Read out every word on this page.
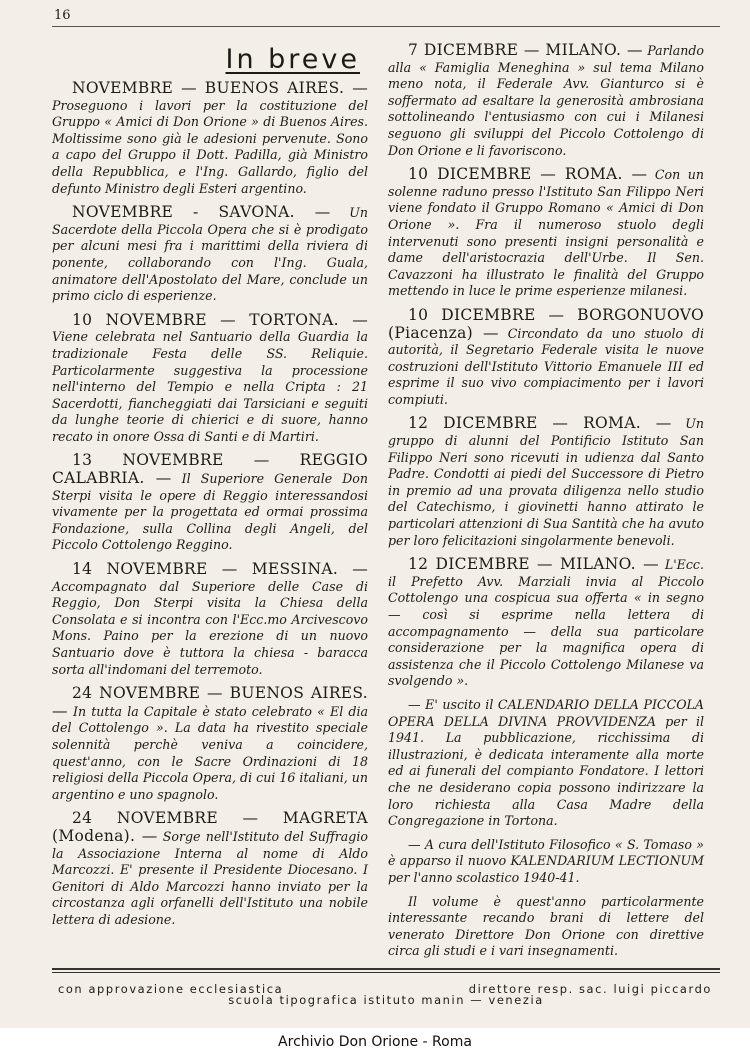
16
In breve

NOVEMBRE — BUENOS AIRES. — Proseguono i lavori per la costituzione del Gruppo « Amici di Don Orione » di Buenos Aires. Moltissime sono già le adesioni pervenute. Sono a capo del Gruppo il Dott. Padilla, già Ministro della Repubblica, e l'Ing. Gallardo, figlio del defunto Ministro degli Esteri argentino.

NOVEMBRE - SAVONA. — Un Sacerdote della Piccola Opera che si è prodigato per alcuni mesi fra i marittimi della riviera di ponente, collaborando con l'Ing. Guala, animatore dell'Apostolato del Mare, conclude un primo ciclo di esperienze.

10 NOVEMBRE — TORTONA. — Viene celebrata nel Santuario della Guardia la tradizionale Festa delle SS. Reliquie. Particolarmente suggestiva la processione nell'interno del Tempio e nella Cripta : 21 Sacerdotti, fiancheggiati dai Tarsiciani e seguiti da lunghe teorie di chierici e di suore, hanno recato in onore Ossa di Santi e di Martiri.

13 NOVEMBRE — REGGIO CALABRIA. — Il Superiore Generale Don Sterpi visita le opere di Reggio interessandosi vivamente per la progettata ed ormai prossima Fondazione, sulla Collina degli Angeli, del Piccolo Cottolengo Reggino.

14 NOVEMBRE — MESSINA. — Accompagnato dal Superiore delle Case di Reggio, Don Sterpi visita la Chiesa della Consolata e si incontra con l'Ecc.mo Arcivescovo Mons. Paino per la erezione di un nuovo Santuario dove è tuttora la chiesa - baracca sorta all'indomani del terremoto.

24 NOVEMBRE — BUENOS AIRES. — In tutta la Capitale è stato celebrato « El dia del Cottolengo ». La data ha rivestito speciale solennità perchè veniva a coincidere, quest'anno, con le Sacre Ordinazioni di 18 religiosi della Piccola Opera, di cui 16 italiani, un argentino e uno spagnolo.

24 NOVEMBRE — MAGRETA (Modena). — Sorge nell'Istituto del Suffragio la Associazione Interna al nome di Aldo Marcozzi. E' presente il Presidente Diocesano. I Genitori di Aldo Marcozzi hanno inviato per la circostanza agli orfanelli dell'Istituto una nobile lettera di adesione.

7 DICEMBRE — MILANO. — Parlando alla « Famiglia Meneghina » sul tema Milano meno nota, il Federale Avv. Gianturco si è soffermato ad esaltare la generosità ambrosiana sottolineando l'entusiasmo con cui i Milanesi seguono gli sviluppi del Piccolo Cottolengo di Don Orione e li favoriscono.

10 DICEMBRE — ROMA. — Con un solenne raduno presso l'Istituto San Filippo Neri viene fondato il Gruppo Romano « Amici di Don Orione ». Fra il numeroso stuolo degli intervenuti sono presenti insigni personalità e dame dell'aristocrazia dell'Urbe. Il Sen. Cavazzoni ha illustrato le finalità del Gruppo mettendo in luce le prime esperienze milanesi.

10 DICEMBRE — BORGONUOVO (Piacenza) — Circondato da uno stuolo di autorità, il Segretario Federale visita le nuove costruzioni dell'Istituto Vittorio Emanuele III ed esprime il suo vivo compiacimento per i lavori compiuti.

12 DICEMBRE — ROMA. — Un gruppo di alunni del Pontificio Istituto San Filippo Neri sono ricevuti in udienza dal Santo Padre. Condotti ai piedi del Successore di Pietro in premio ad una provata diligenza nello studio del Catechismo, i giovinetti hanno attirato le particolari attenzioni di Sua Santità che ha avuto per loro felicitazioni singolarmente benevoli.

12 DICEMBRE — MILANO. — L'Ecc. il Prefetto Avv. Marziali invia al Piccolo Cottolengo una cospicua sua offerta « in segno — così si esprime nella lettera di accompagnamento — della sua particolare considerazione per la magnifica opera di assistenza che il Piccolo Cottolengo Milanese va svolgendo ».

— E' uscito il CALENDARIO DELLA PICCOLA OPERA DELLA DIVINA PROVVIDENZA per il 1941. La pubblicazione, ricchissima di illustrazioni, è dedicata interamente alla morte ed ai funerali del compianto Fondatore. I lettori che ne desiderano copia possono indirizzare la loro richiesta alla Casa Madre della Congregazione in Tortona.

— A cura dell'Istituto Filosofico « S. Tomaso » è apparso il nuovo KALENDARIUM LECTIONUM per l'anno scolastico 1940-41.

Il volume è quest'anno particolarmente interessante recando brani di lettere del venerato Direttore Don Orione con direttive circa gli studi e i vari insegnamenti.

con approvazione ecclesiastica	direttore resp. sac. luigi piccardo
scuola tipografica istituto manin — venezia
Archivio Don Orione - Roma
